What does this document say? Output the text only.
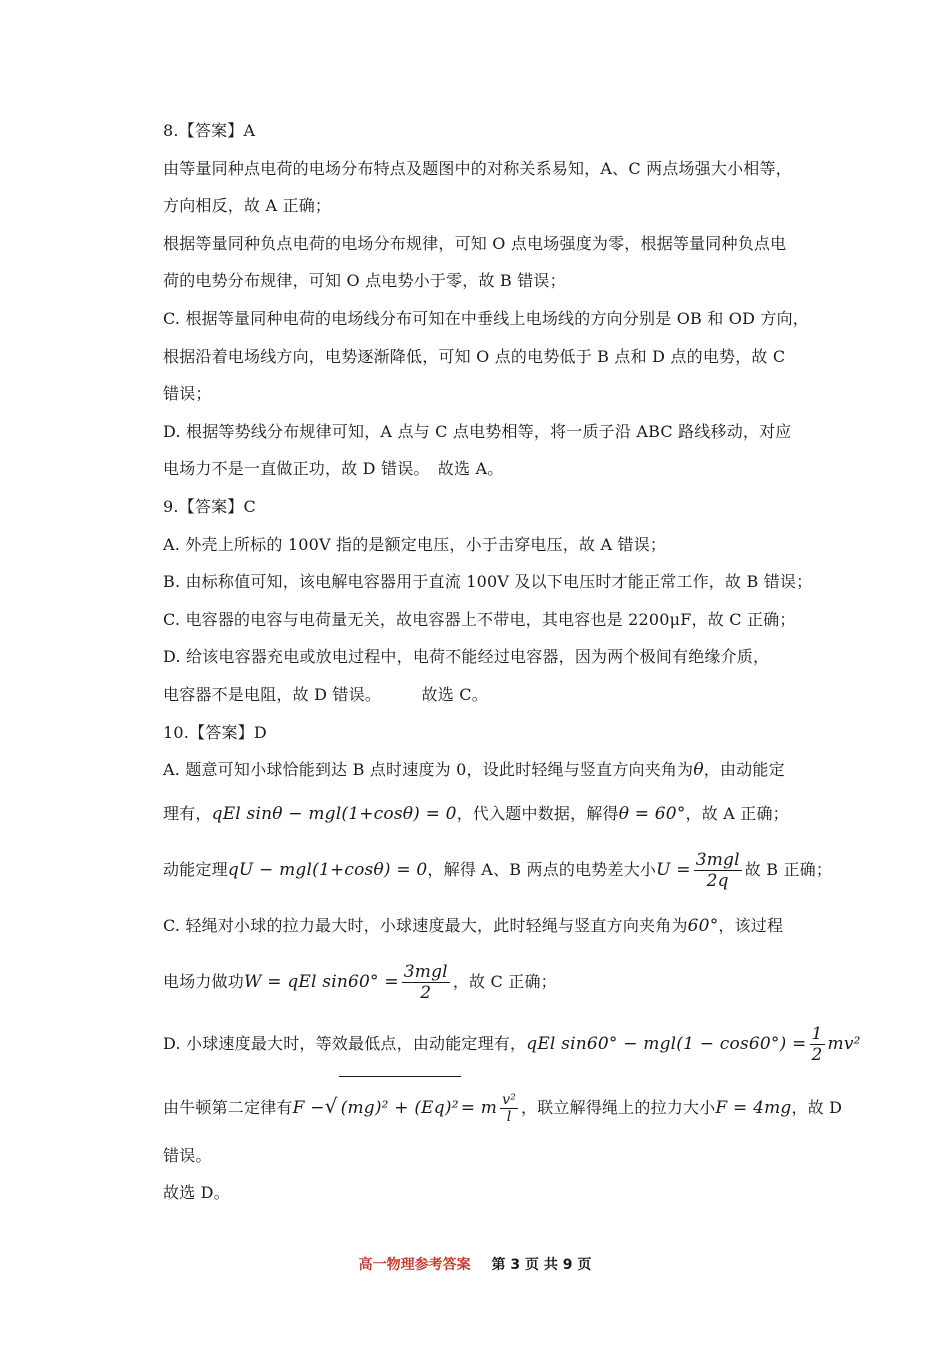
8.【答案】A
由等量同种点电荷的电场分布特点及题图中的对称关系易知，A、C 两点场强大小相等，
方向相反，故 A 正确；
根据等量同种负点电荷的电场分布规律，可知 O 点电场强度为零，根据等量同种负点电
荷的电势分布规律，可知 O 点电势小于零，故 B 错误；
C. 根据等量同种电荷的电场线分布可知在中垂线上电场线的方向分别是 OB 和 OD 方向，
根据沿着电场线方向，电势逐渐降低，可知 O 点的电势低于 B 点和 D 点的电势，故 C
错误；
D. 根据等势线分布规律可知，A 点与 C 点电势相等，将一质子沿 ABC 路线移动，对应
电场力不是一直做正功，故 D 错误。　故选 A。
9.【答案】C
A. 外壳上所标的 100V 指的是额定电压，小于击穿电压，故 A 错误；
B. 由标称值可知，该电解电容器用于直流 100V 及以下电压时才能正常工作，故 B 错误；
C. 电容器的电容与电荷量无关，故电容器上不带电，其电容也是 2200μF，故 C 正确；
D. 给该电容器充电或放电过程中，电荷不能经过电容器，因为两个极间有绝缘介质，
电容器不是电阻，故 D 错误。　　　故选 C。
10.【答案】D
A. 题意可知小球恰能到达 B 点时速度为 0，设此时轻绳与竖直方向夹角为θ，由动能定
理有，qEl sinθ − mgl(1+cosθ) = 0，代入题中数据，解得θ = 60°，故 A 正确；
动能定理qU − mgl(1+cosθ) = 0，解得 A、B 两点的电势差大小$U = \frac{\text{3mgl}}{2q}$ 故 B 正确；
C. 轻绳对小球的拉力最大时，小球速度最大，此时轻绳与竖直方向夹角为60°，该过程
电场力做功W = qEl $\sin 60^\circ = \frac{\text{3mgl}}{2}$ ，故 C 正确；
D. 小球速度最大时，等效最低点，由动能定理有，qEl $\sin 60^\circ - mgl(1 - \cos 60^\circ) = \frac{1}{2} mv^2$
由牛顿第二定律有F −√ (mg)² + (Eq)² = m $\frac{\text{v²}}{l}$ ，联立解得绳上的拉力大小F = 4mg，故 D
错误。
故选 D。
高一物理参考答案 第 3 页 共 9 页
